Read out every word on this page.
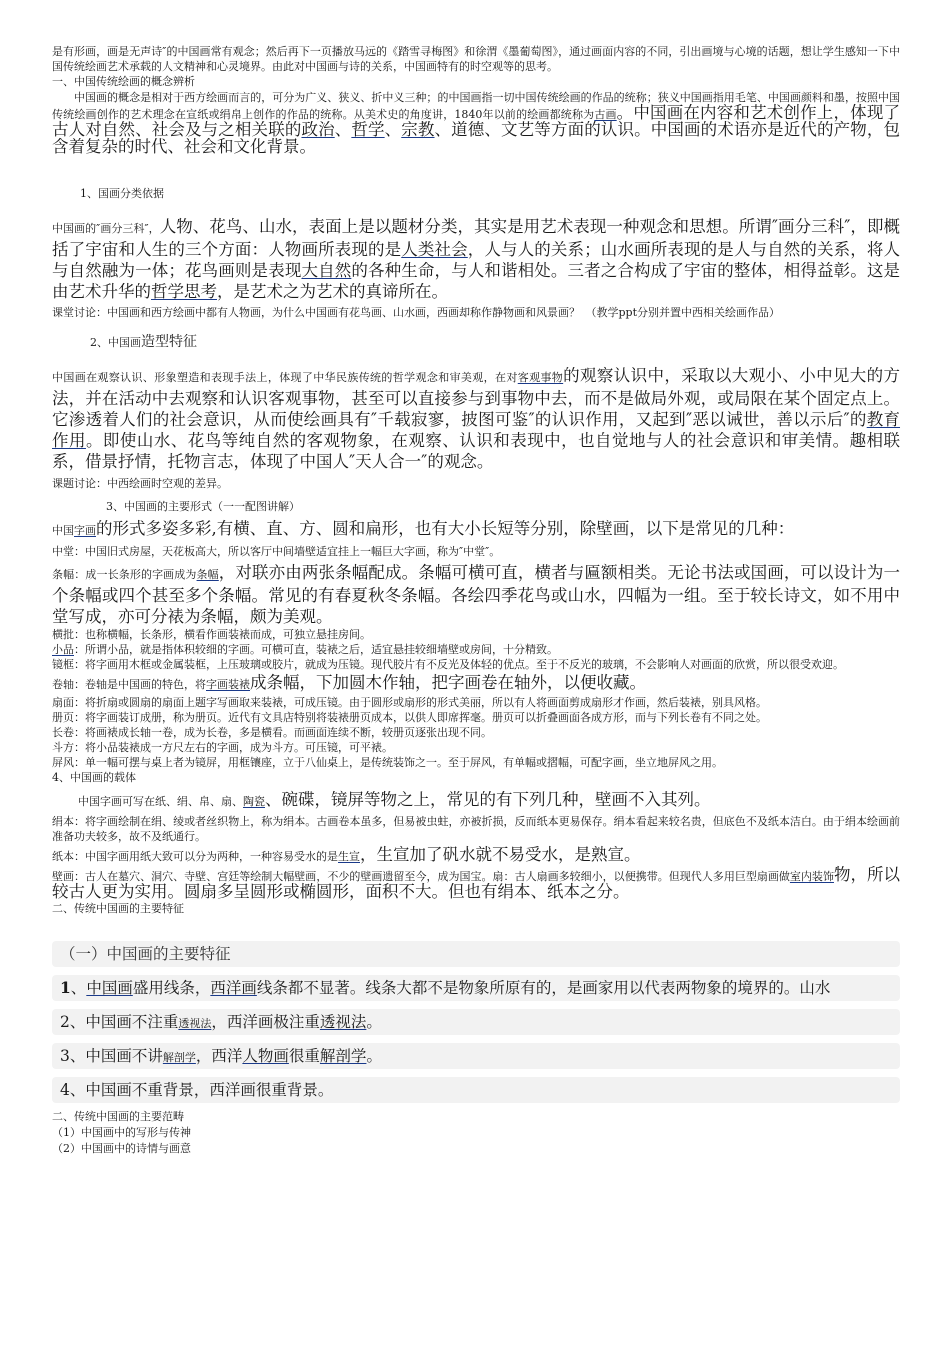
是有形画，画是无声诗″的中国画常有观念；然后再下一页播放马远的《踏雪寻梅图》和徐渭《墨葡萄图》，通过画面内容的不同，引出画境与心境的话题，想让学生感知一下中国传统绘画艺术承载的人文精神和心灵境界。由此对中国画与诗的关系，中国画特有的时空观等的思考。

一、中国传统绘画的概念辨析

中国画的概念是相对于西方绘画而言的，可分为广义、狭义、折中义三种；的中国画指一切中国传统绘画的作品的统称；狭义中国画指用毛笔、中国画颜料和墨，按照中国传统绘画创作的艺术理念在宣纸或绢帛上创作的作品的统称。从美术史的角度讲，1840年以前的绘画都统称为古画。中国画在内容和艺术创作上，体现了古人对自然、社会及与之相关联的政治、哲学、宗教、道德、文艺等方面的认识。中国画的术语亦是近代的产物，包含着复杂的时代、社会和文化背景。

1、国画分类依据

中国画的″画分三科″，人物、花鸟、山水，表面上是以题材分类，其实是用艺术表现一种观念和思想。所谓″画分三科″，即概括了宇宙和人生的三个方面：人物画所表现的是人类社会，人与人的关系；山水画所表现的是人与自然的关系，将人与自然融为一体；花鸟画则是表现大自然的各种生命，与人和谐相处。三者之合构成了宇宙的整体，相得益彰。这是由艺术升华的哲学思考，是艺术之为艺术的真谛所在。

课堂讨论：中国画和西方绘画中都有人物画，为什么中国画有花鸟画、山水画，西画却称作静物画和风景画？　（教学ppt分别并置中西相关绘画作品）

2、中国画造型特征

中国画在观察认识、形象塑造和表现手法上，体现了中华民族传统的哲学观念和审美观，在对客观事物的观察认识中，采取以大观小、小中见大的方法，并在活动中去观察和认识客观事物，甚至可以直接参与到事物中去，而不是做局外观，或局限在某个固定点上。它渗透着人们的社会意识，从而使绘画具有″千载寂寥，披图可鉴″的认识作用，又起到″恶以诫世，善以示后″的教育作用。即使山水、花鸟等纯自然的客观物象，在观察、认识和表现中，也自觉地与人的社会意识和审美情。趣相联系，借景抒情，托物言志，体现了中国人″天人合一″的观念。

课题讨论：中西绘画时空观的差异。

3、中国画的主要形式（一一配图讲解）

中国字画的形式多姿多彩,有横、直、方、圆和扁形，也有大小长短等分别，除壁画，以下是常见的几种：

中堂：中国旧式房屋，天花板高大，所以客厅中间墙壁适宜挂上一幅巨大字画，称为″中堂″。

条幅：成一长条形的字画成为条幅，对联亦由两张条幅配成。条幅可横可直，横者与匾额相类。无论书法或国画，可以设计为一个条幅或四个甚至多个条幅。常见的有春夏秋冬条幅。各绘四季花鸟或山水，四幅为一组。至于较长诗文，如不用中堂写成，亦可分裱为条幅，颇为美观。

横批：也称横幅，长条形，横看作画装裱而成，可独立悬挂房间。

小品：所谓小品，就是指体积较细的字画。可横可直，装裱之后，适宜悬挂较细墙壁或房间，十分精致。

镜框：将字画用木框或金属装框，上压玻璃或胶片，就成为压镜。现代胶片有不反光及体轻的优点。至于不反光的玻璃，不会影响人对画面的欣赏，所以很受欢迎。

卷轴：卷轴是中国画的特色，将字画装裱成条幅，下加圆木作轴，把字画卷在轴外，以便收藏。

扇面：将折扇或圆扇的扇面上题字写画取来装裱，可成压镜。由于圆形或扇形的形式美丽，所以有人将画面剪成扇形才作画，然后装裱，别具风格。

册页：将字画装订成册，称为册页。近代有文具店特别将装裱册页成本，以供人即席挥毫。册页可以折叠画面各成方形，而与下列长卷有不同之处。

长卷：将画裱成长轴一卷，成为长卷，多是横看。而画面连续不断，较册页逐张出现不同。

斗方：将小品装裱成一方尺左右的字画，成为斗方。可压镜，可平裱。

屏风：单一幅可摆与桌上者为镜屏，用框镶座，立于八仙桌上，是传统装饰之一。至于屏风，有单幅或摺幅，可配字画，坐立地屏风之用。

4、中国画的载体

中国字画可写在纸、绢、帛、扇、陶瓷、碗碟，镜屏等物之上，常见的有下列几种，壁画不入其列。

绢本：将字画绘制在绢、绫或者丝织物上，称为绢本。古画卷本虽多，但易被虫蛀，亦被折损，反而纸本更易保存。绢本看起来较名贵，但底色不及纸本洁白。由于绢本绘画前准备功夫较多，故不及纸通行。

纸本：中国字画用纸大致可以分为两种，一种容易受水的是生宣，生宣加了矾水就不易受水，是熟宣。

壁画：古人在墓穴、洞穴、寺壁、宫廷等绘制大幅壁画，不少的壁画遗留至今，成为国宝。扇：古人扇画多较细小，以便携带。但现代人多用巨型扇画做室内装饰物，所以较古人更为实用。圆扇多呈圆形或椭圆形，面积不大。但也有绢本、纸本之分。

二、传统中国画的主要特征

（一）中国画的主要特征
1、中国画盛用线条，西洋画线条都不显著。线条大都不是物象所原有的，是画家用以代表两物象的境界的。山水
2、中国画不注重透视法，西洋画极注重透视法。
3、中国画不讲解剖学，西洋人物画很重解剖学。
4、中国画不重背景，西洋画很重背景。

二、传统中国画的主要范畴

（1）中国画中的写形与传神

（2）中国画中的诗情与画意
